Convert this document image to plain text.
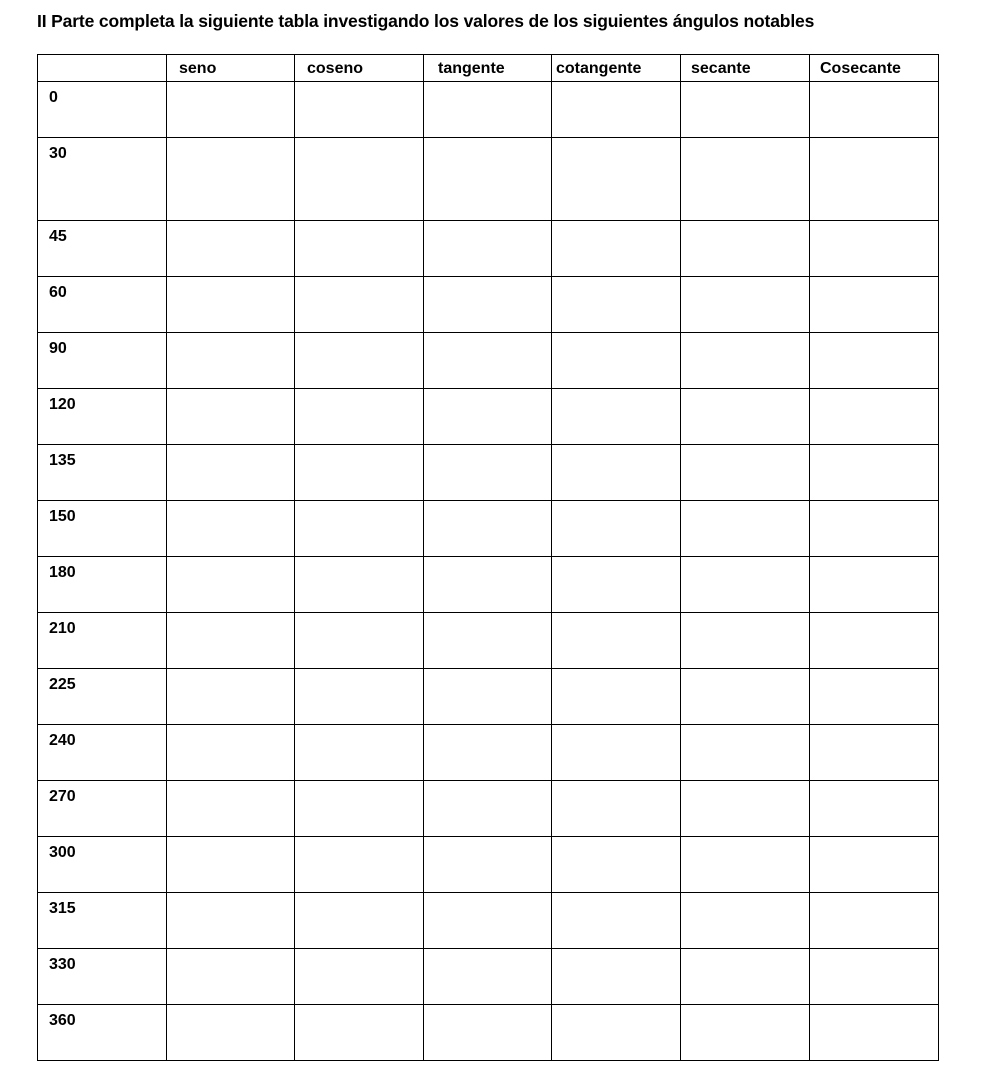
II Parte completa la siguiente tabla investigando los valores de los siguientes ángulos notables
	seno	coseno	tangente	cotangente	secante	Cosecante
0						
30						
45						
60						
90						
120						
135						
150						
180						
210						
225						
240						
270						
300						
315						
330						
360						
